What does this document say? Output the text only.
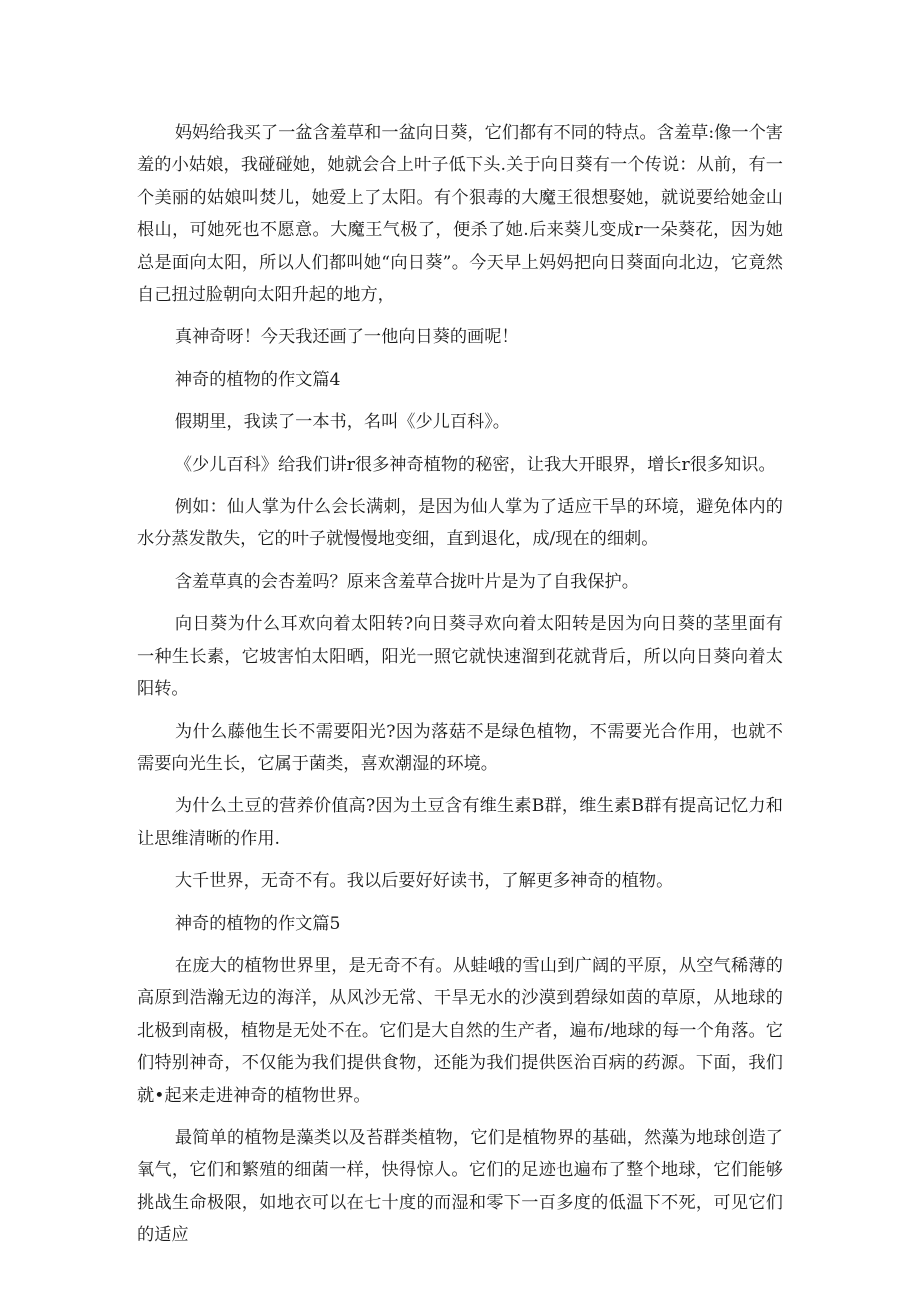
妈妈给我买了一盆含羞草和一盆向日葵，它们都有不同的特点。含羞草:像一个害羞的小姑娘，我碰碰她，她就会合上叶子低下头.关于向日葵有一个传说：从前，有一个美丽的姑娘叫焚儿，她爱上了太阳。有个狠毒的大魔王很想娶她，就说要给她金山根山，可她死也不愿意。大魔王气极了，便杀了她.后来葵儿变成r一朵葵花，因为她总是面向太阳，所以人们都叫她“向日葵”。今天早上妈妈把向日葵面向北边，它竟然自己扭过脸朝向太阳升起的地方，

真神奇呀！今天我还画了一他向日葵的画呢！

神奇的植物的作文篇4

假期里，我读了一本书，名叫《少儿百科》。

《少儿百科》给我们讲r很多神奇植物的秘密，让我大开眼界，增长r很多知识。

例如：仙人掌为什么会长满刺，是因为仙人掌为了适应干旱的环境，避免体内的水分蒸发散失，它的叶子就慢慢地变细，直到退化，成/现在的细刺。

含羞草真的会杏羞吗？原来含羞草合拢叶片是为了自我保护。

向日葵为什么耳欢向着太阳转?向日葵寻欢向着太阳转是因为向日葵的茎里面有一种生长素，它坡害怕太阳晒，阳光一照它就快速溜到花就背后，所以向日葵向着太阳转。

为什么藤他生长不需要阳光?因为落菇不是绿色植物，不需要光合作用，也就不需要向光生长，它属于菌类，喜欢潮湿的环境。

为什么土豆的营养价值高?因为土豆含有维生素B群，维生素B群有提高记忆力和让思维清晰的作用.

大千世界，无奇不有。我以后要好好读书，了解更多神奇的植物。

神奇的植物的作文篇5

在庞大的植物世界里，是无奇不有。从蛙峨的雪山到广阔的平原，从空气稀薄的高原到浩瀚无边的海洋，从风沙无常、干旱无水的沙漠到碧绿如茵的草原，从地球的北极到南极，植物是无处不在。它们是大自然的生产者，遍布/地球的每一个角落。它们特别神奇，不仅能为我们提供食物，还能为我们提供医治百病的药源。下面，我们就•起来走进神奇的植物世界。

最简单的植物是藻类以及苔群类植物，它们是植物界的基础，然藻为地球创造了氧气，它们和繁殖的细菌一样，快得惊人。它们的足迹也遍布了整个地球，它们能够挑战生命极限，如地衣可以在七十度的而湿和零下一百多度的低温下不死，可见它们的适应
